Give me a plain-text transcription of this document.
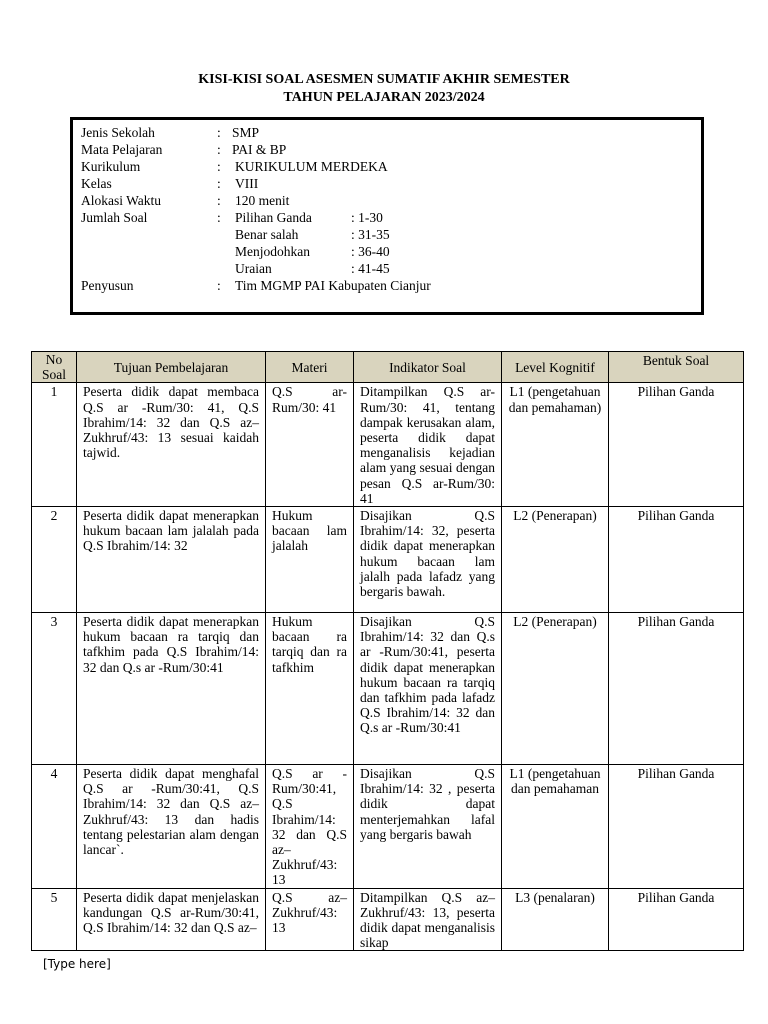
KISI-KISI SOAL ASESMEN SUMATIF AKHIR SEMESTER
TAHUN PELAJARAN 2023/2024
Jenis Sekolah	: SMP
Mata Pelajaran	: PAI & BP
Kurikulum	: KURIKULUM MERDEKA
Kelas	: VIII
Alokasi Waktu	: 120 menit
Jumlah Soal	: Pilihan Ganda	: 1-30
Benar salah	: 31-35
Menjodohkan	: 36-40
Uraian	: 41-45
Penyusun	: Tim MGMP PAI Kabupaten Cianjur
No Soal	Tujuan Pembelajaran	Materi	Indikator Soal	Level Kognitif	Bentuk Soal
1	Peserta didik dapat membaca Q.S ar -Rum/30: 41, Q.S Ibrahim/14: 32 dan Q.S az–Zukhruf/43: 13 sesuai kaidah tajwid.	Q.S ar-Rum/30: 41	Ditampilkan Q.S ar-Rum/30: 41, tentang dampak kerusakan alam, peserta didik dapat menganalisis kejadian alam yang sesuai dengan pesan Q.S ar-Rum/30: 41	L1 (pengetahuan dan pemahaman)	Pilihan Ganda
2	Peserta didik dapat menerapkan hukum bacaan lam jalalah pada Q.S Ibrahim/14: 32	Hukum bacaan lam jalalah	Disajikan Q.S Ibrahim/14: 32, peserta didik dapat menerapkan hukum bacaan lam jalalh pada lafadz yang bergaris bawah.	L2 (Penerapan)	Pilihan Ganda
3	Peserta didik dapat menerapkan hukum bacaan ra tarqiq dan tafkhim pada Q.S Ibrahim/14: 32 dan Q.s ar -Rum/30:41	Hukum bacaan ra tarqiq dan ra tafkhim	Disajikan Q.S Ibrahim/14: 32 dan Q.s ar -Rum/30:41, peserta didik dapat menerapkan hukum bacaan ra tarqiq dan tafkhim pada lafadz Q.S Ibrahim/14: 32 dan Q.s ar -Rum/30:41	L2 (Penerapan)	Pilihan Ganda
4	Peserta didik dapat menghafal Q.S ar -Rum/30:41, Q.S Ibrahim/14: 32 dan Q.S az–Zukhruf/43: 13 dan hadis tentang pelestarian alam dengan lancar`.	Q.S ar -Rum/30:41, Q.S Ibrahim/14: 32 dan Q.S az–Zukhruf/43: 13	Disajikan Q.S Ibrahim/14: 32 , peserta didik dapat menterjemahkan lafal yang bergaris bawah	L1 (pengetahuan dan pemahaman	Pilihan Ganda
5	Peserta didik dapat menjelaskan kandungan Q.S ar-Rum/30:41, Q.S Ibrahim/14: 32 dan Q.S az–	Q.S az–Zukhruf/43: 13	Ditampilkan Q.S az–Zukhruf/43: 13, peserta didik dapat menganalisis sikap	L3 (penalaran)	Pilihan Ganda
[Type here]
